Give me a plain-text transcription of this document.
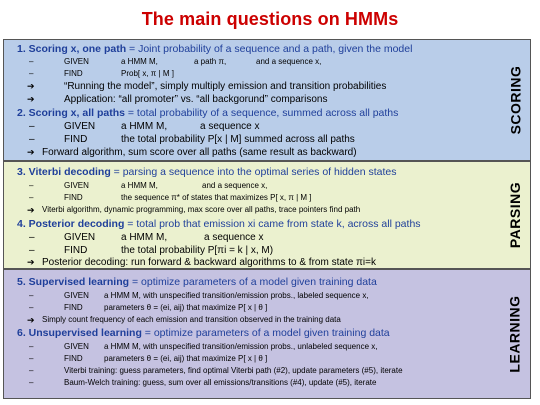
The main questions on HMMs
1. Scoring x, one path = Joint probability of a sequence and a path, given the model
–	GIVEN	a HMM M,	a path π,	and a sequence x,
–	FIND	Prob[ x, π | M ]
➔	“Running the model”, simply multiply emission and transition probabilities
➔	Application: “all promoter” vs. “all backgorund” comparisons
2. Scoring x, all paths = total probability of a sequence, summed across all paths
–	GIVEN	a HMM M,	a sequence x
–	FIND	the total probability P[x | M] summed across all paths
➔ Forward algorithm, sum score over all paths (same result as backward)
SCORING
3. Viterbi decoding = parsing a sequence into the optimal series of hidden states
–	GIVEN	a HMM M,	and a sequence x,
–	FIND	the sequence π* of states that maximizes P[ x, π | M ]
➔ Viterbi algorithm, dynamic programming, max score over all paths, trace pointers find path
4. Posterior decoding = total prob that emission xi came from state k, across all paths
–	GIVEN	a HMM M,	a sequence x
–	FIND	the total probability P[πi = k | x, M)
➔ Posterior decoding: run forward & backward algorithms to & from state πi=k
PARSING
5. Supervised learning = optimize parameters of a model given training data
–	GIVEN a HMM M, with unspecified transition/emission probs., labeled sequence x,
–	FIND	parameters θ = (ei, aij) that maximize P[ x | θ ]
➔ Simply count frequency of each emission and transition observed in the training data
6. Unsupervised learning = optimize parameters of a model given training data
–	GIVEN a HMM M, with unspecified transition/emission probs., unlabeled sequence x,
–	FIND	parameters θ = (ei, aij) that maximize P[ x | θ ]
–	Viterbi training: guess parameters, find optimal Viterbi path (#2), update parameters (#5), iterate
–	Baum-Welch training: guess, sum over all emissions/transitions (#4), update (#5), iterate
LEARNING
